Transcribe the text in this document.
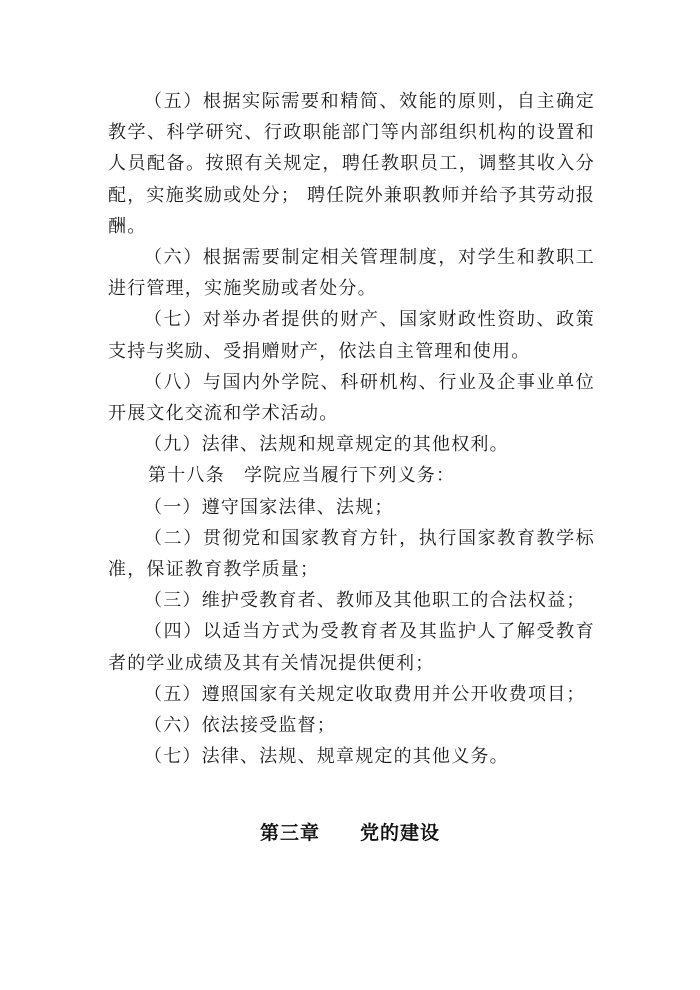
（五）根据实际需要和精简、效能的原则，自主确定教学、科学研究、行政职能部门等内部组织机构的设置和人员配备。按照有关规定，聘任教职员工，调整其收入分配，实施奖励或处分； 聘任院外兼职教师并给予其劳动报酬。

（六）根据需要制定相关管理制度，对学生和教职工进行管理，实施奖励或者处分。

（七）对举办者提供的财产、国家财政性资助、政策支持与奖励、受捐赠财产，依法自主管理和使用。

（八）与国内外学院、科研机构、行业及企事业单位开展文化交流和学术活动。

（九）法律、法规和规章规定的其他权利。

第十八条　学院应当履行下列义务：

（一）遵守国家法律、法规；

（二）贯彻党和国家教育方针，执行国家教育教学标准，保证教育教学质量；

（三）维护受教育者、教师及其他职工的合法权益；

（四）以适当方式为受教育者及其监护人了解受教育者的学业成绩及其有关情况提供便利；

（五）遵照国家有关规定收取费用并公开收费项目；

（六）依法接受监督；

（七）法律、法规、规章规定的其他义务。

第三章　　党的建设
